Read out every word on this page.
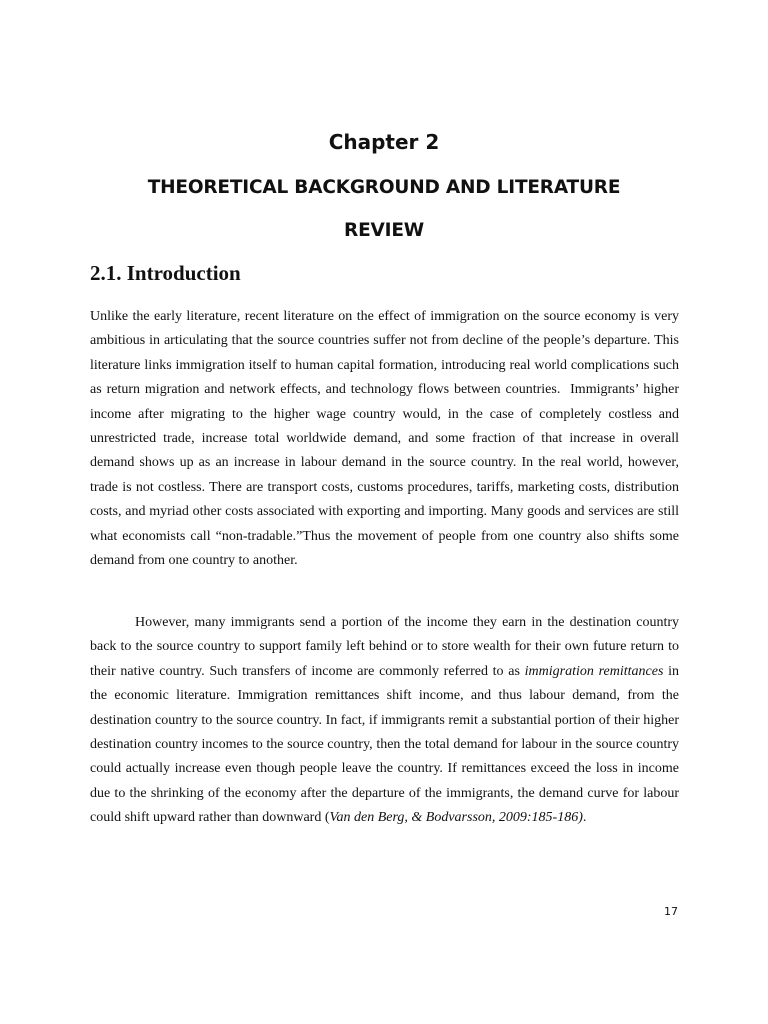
Chapter 2
THEORETICAL BACKGROUND AND LITERATURE
REVIEW
2.1. Introduction

Unlike the early literature, recent literature on the effect of immigration on the source economy is very ambitious in articulating that the source countries suffer not from decline of the people’s departure. This literature links immigration itself to human capital formation, introducing real world complications such as return migration and network effects, and technology flows between countries.  Immigrants’ higher income after migrating to the higher wage country would, in the case of completely costless and unrestricted trade, increase total worldwide demand, and some fraction of that increase in overall demand shows up as an increase in labour demand in the source country. In the real world, however, trade is not costless. There are transport costs, customs procedures, tariffs, marketing costs, distribution costs, and myriad other costs associated with exporting and importing. Many goods and services are still what economists call “non-tradable.”Thus the movement of people from one country also shifts some demand from one country to another.

However, many immigrants send a portion of the income they earn in the destination country back to the source country to support family left behind or to store wealth for their own future return to their native country. Such transfers of income are commonly referred to as immigration remittances in the economic literature. Immigration remittances shift income, and thus labour demand, from the destination country to the source country. In fact, if immigrants remit a substantial portion of their higher destination country incomes to the source country, then the total demand for labour in the source country could actually increase even though people leave the country. If remittances exceed the loss in income due to the shrinking of the economy after the departure of the immigrants, the demand curve for labour could shift upward rather than downward (Van den Berg, & Bodvarsson, 2009:185-186).

17
